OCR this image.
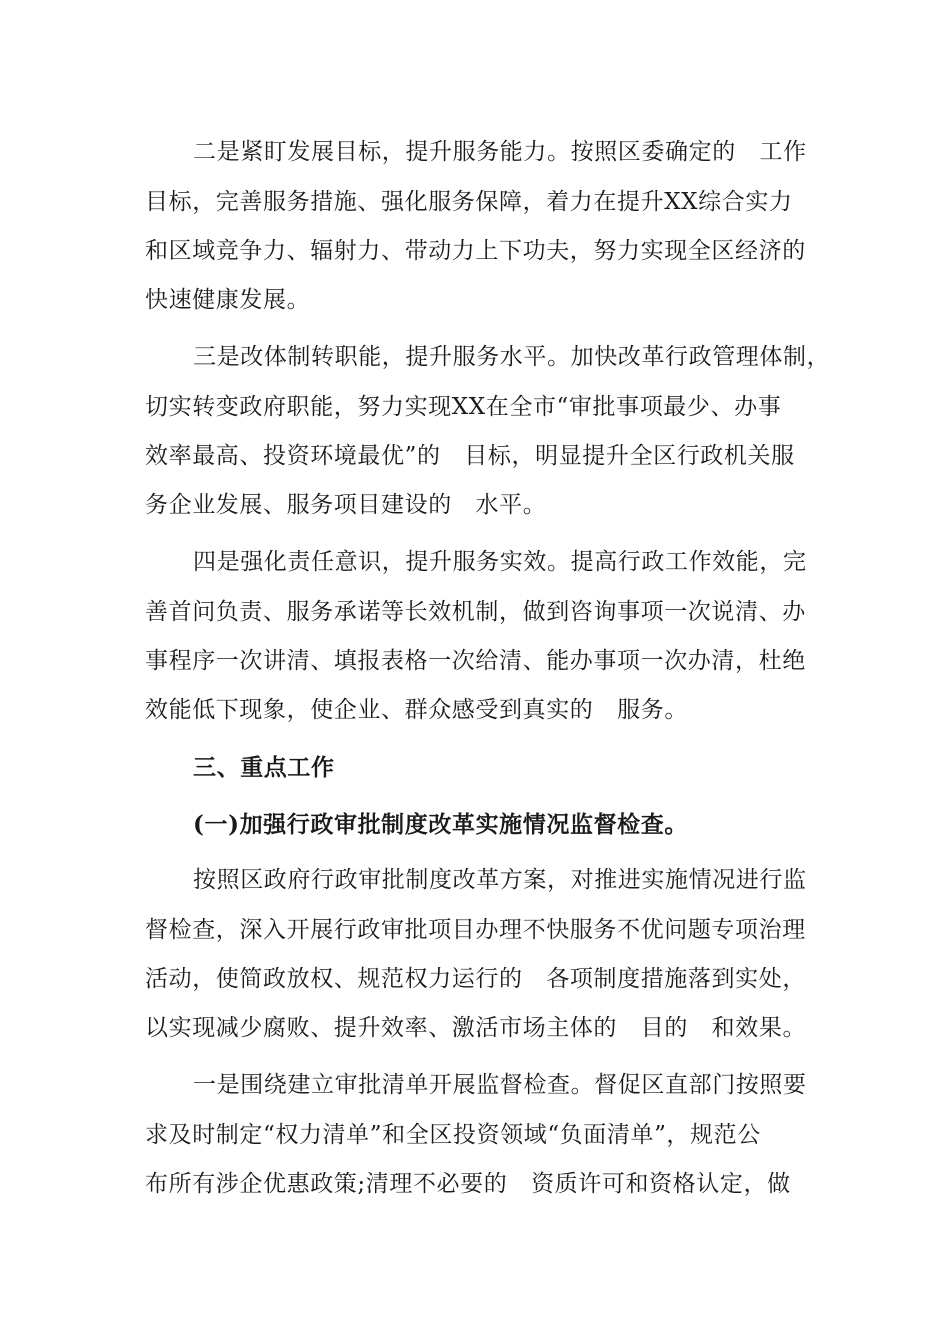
二是紧盯发展目标，提升服务能力。按照区委确定的   工作
目标，完善服务措施、强化服务保障，着力在提升XX综合实力
和区域竞争力、辐射力、带动力上下功夫，努力实现全区经济的
快速健康发展。
三是改体制转职能，提升服务水平。加快改革行政管理体制，
切实转变政府职能，努力实现XX在全市“审批事项最少、办事
效率最高、投资环境最优”的   目标，明显提升全区行政机关服
务企业发展、服务项目建设的   水平。
四是强化责任意识，提升服务实效。提高行政工作效能，完
善首问负责、服务承诺等长效机制，做到咨询事项一次说清、办
事程序一次讲清、填报表格一次给清、能办事项一次办清，杜绝
效能低下现象，使企业、群众感受到真实的   服务。
三、重点工作
(一)加强行政审批制度改革实施情况监督检查。
按照区政府行政审批制度改革方案，对推进实施情况进行监
督检查，深入开展行政审批项目办理不快服务不优问题专项治理
活动，使简政放权、规范权力运行的   各项制度措施落到实处，
以实现减少腐败、提升效率、激活市场主体的   目的   和效果。
一是围绕建立审批清单开展监督检查。督促区直部门按照要
求及时制定“权力清单”和全区投资领域“负面清单”，规范公
布所有涉企优惠政策;清理不必要的   资质许可和资格认定，做
